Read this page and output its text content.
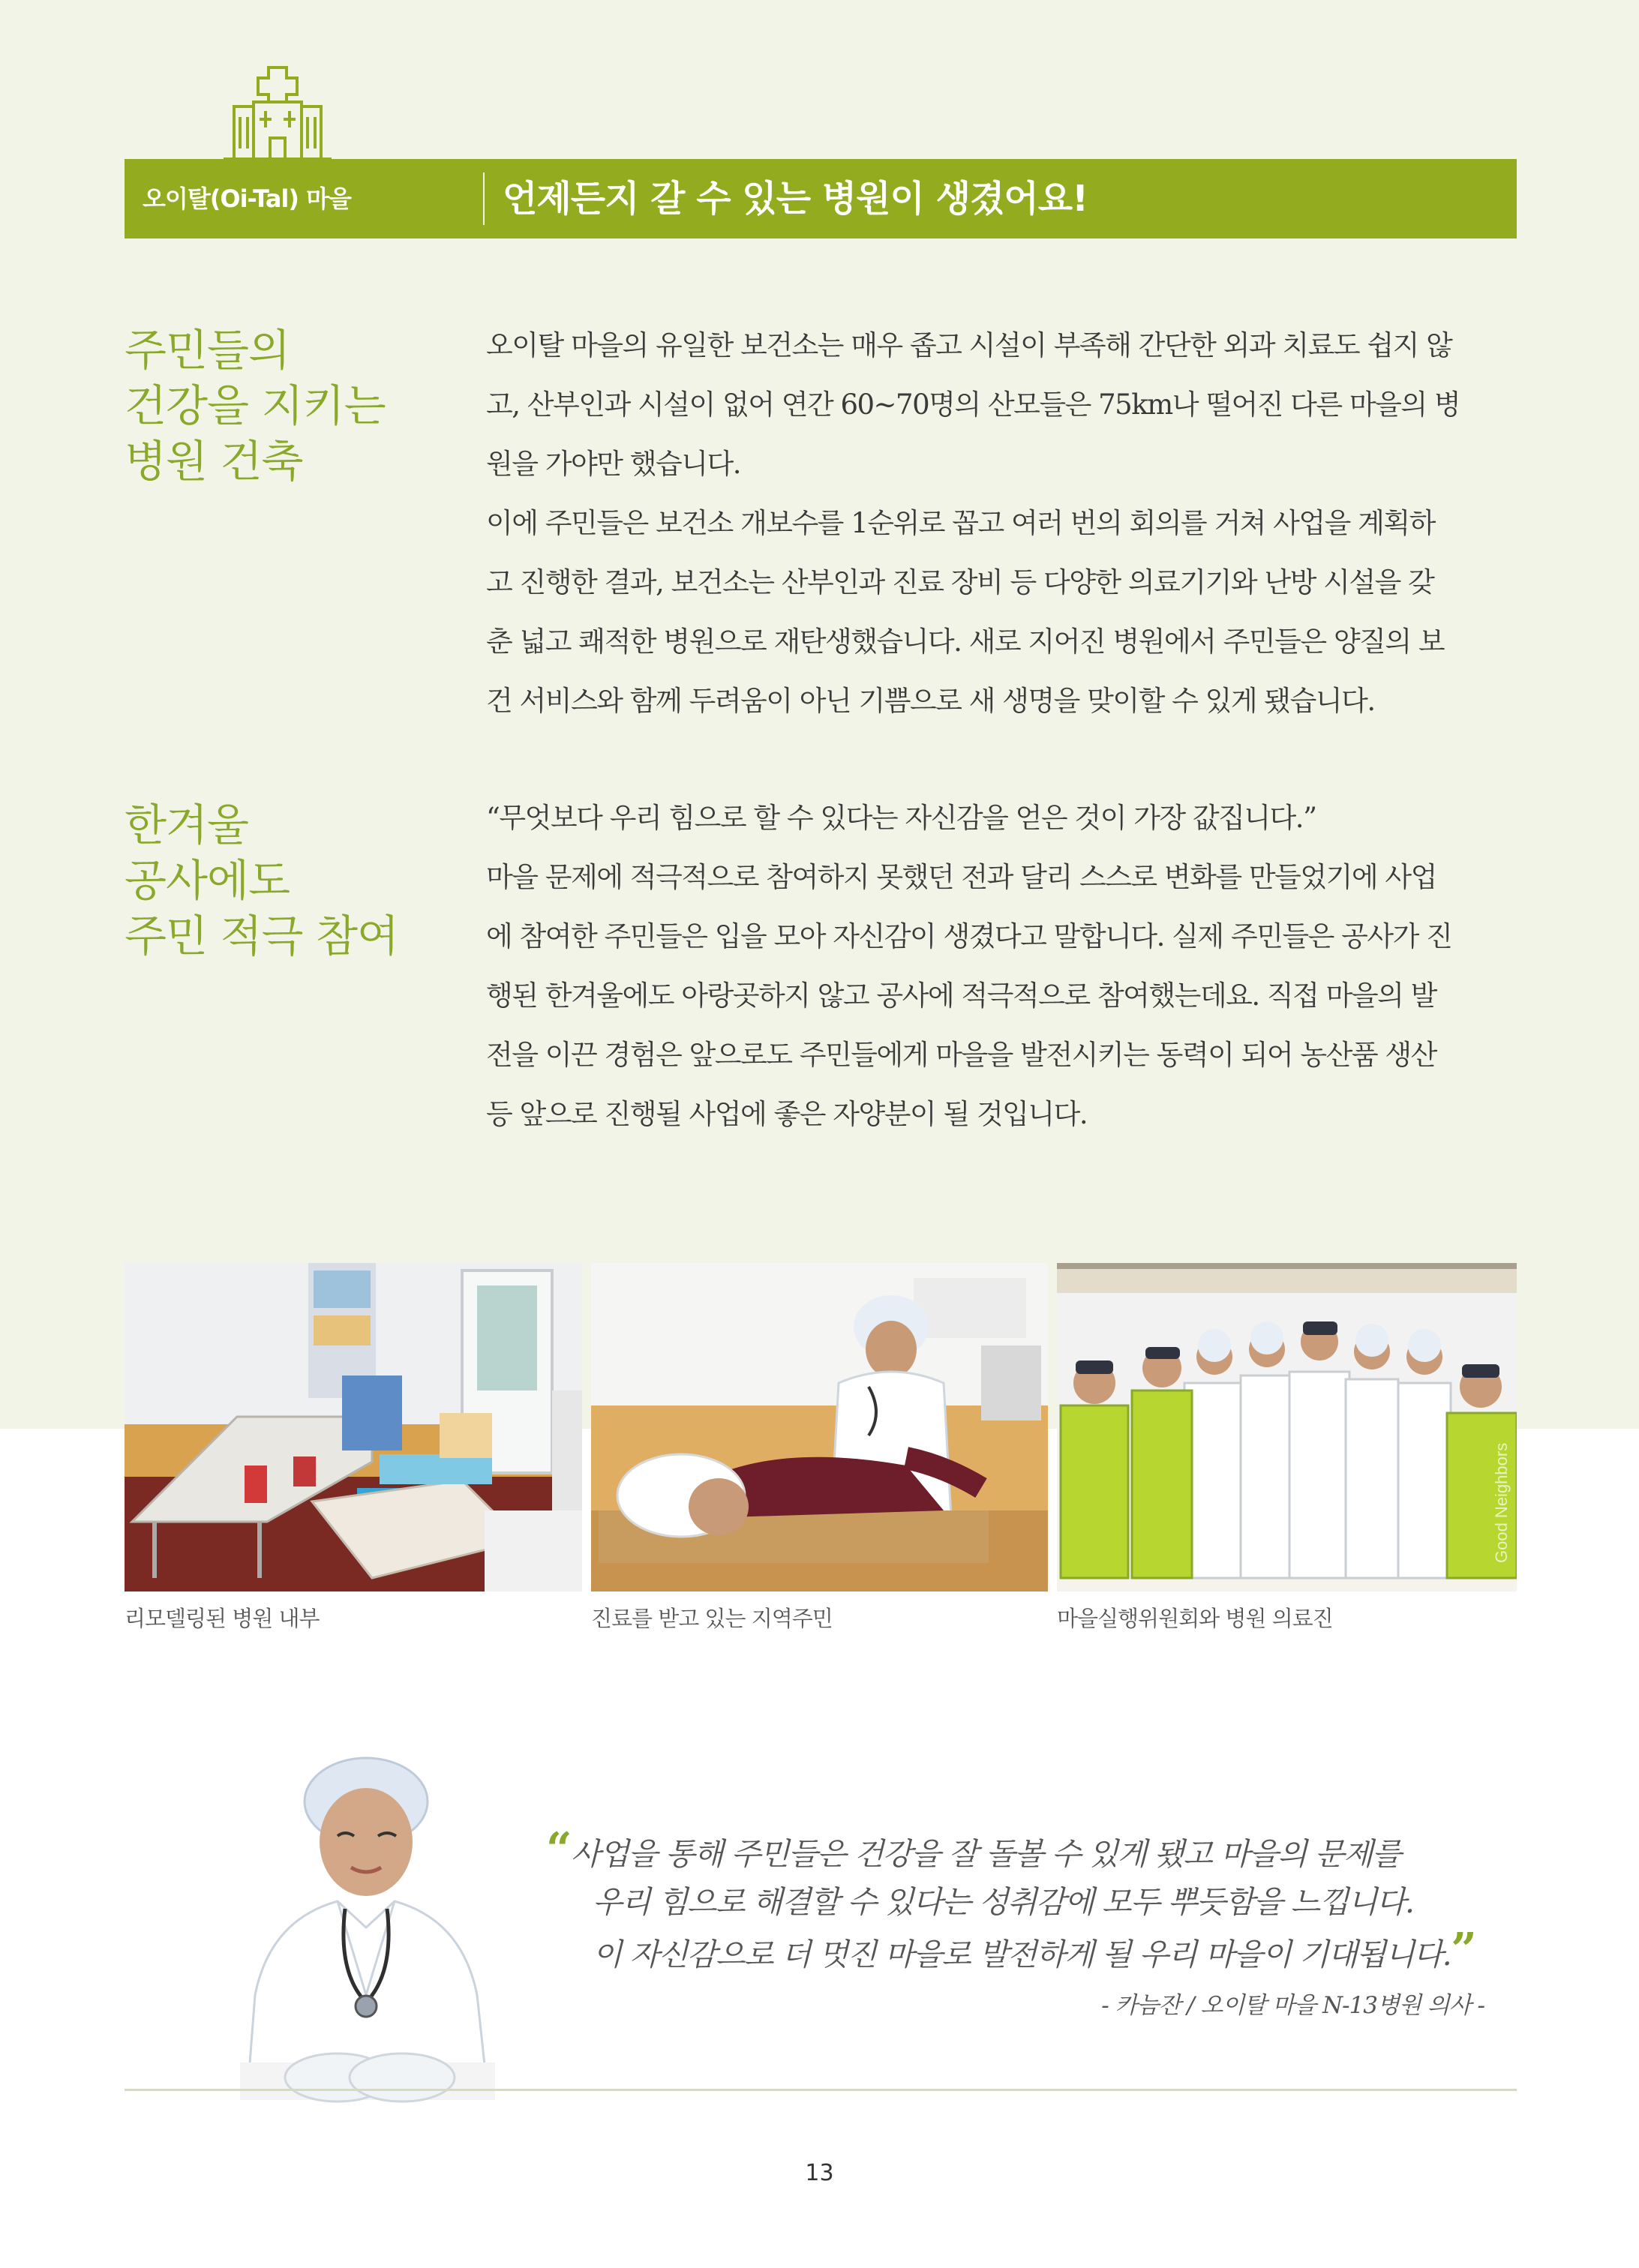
오이탈(Oi-Tal) 마을	언제든지 갈 수 있는 병원이 생겼어요!
주민들의
건강을 지키는
병원 건축
오이탈 마을의 유일한 보건소는 매우 좁고 시설이 부족해 간단한 외과 치료도 쉽지 않
고, 산부인과 시설이 없어 연간 60~70명의 산모들은 75km나 떨어진 다른 마을의 병
원을 가야만 했습니다.
이에 주민들은 보건소 개보수를 1순위로 꼽고 여러 번의 회의를 거쳐 사업을 계획하
고 진행한 결과, 보건소는 산부인과 진료 장비 등 다양한 의료기기와 난방 시설을 갖
춘 넓고 쾌적한 병원으로 재탄생했습니다. 새로 지어진 병원에서 주민들은 양질의 보
건 서비스와 함께 두려움이 아닌 기쁨으로 새 생명을 맞이할 수 있게 됐습니다.
한겨울
공사에도
주민 적극 참여
“무엇보다 우리 힘으로 할 수 있다는 자신감을 얻은 것이 가장 값집니다.”
마을 문제에 적극적으로 참여하지 못했던 전과 달리 스스로 변화를 만들었기에 사업
에 참여한 주민들은 입을 모아 자신감이 생겼다고 말합니다. 실제 주민들은 공사가 진
행된 한겨울에도 아랑곳하지 않고 공사에 적극적으로 참여했는데요. 직접 마을의 발
전을 이끈 경험은 앞으로도 주민들에게 마을을 발전시키는 동력이 되어 농산품 생산
등 앞으로 진행될 사업에 좋은 자양분이 될 것입니다.
Good Neighbors
리모델링된 병원 내부	진료를 받고 있는 지역주민	마을실행위원회와 병원 의료진
“사업을 통해 주민들은 건강을 잘 돌볼 수 있게 됐고 마을의 문제를
우리 힘으로 해결할 수 있다는 성취감에 모두 뿌듯함을 느낍니다.
이 자신감으로 더 멋진 마을로 발전하게 될 우리 마을이 기대됩니다.”
- 카늠잔 / 오이탈 마을 N-13병원 의사 -
13
